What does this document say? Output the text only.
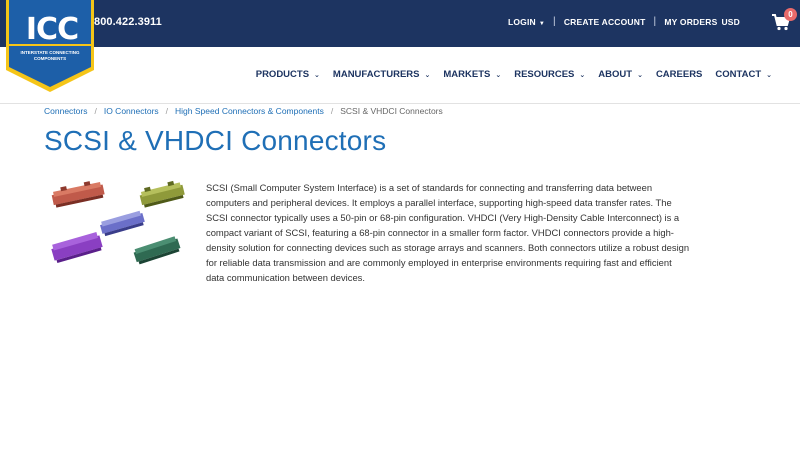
800.422.3911	LOGIN ▼ | CREATE ACCOUNT | MY ORDERS USD
0
PRODUCTS ⌄ MANUFACTURERS ⌄ MARKETS ⌄ RESOURCES ⌄ ABOUT ⌄ CAREERS CONTACT ⌄
ICC
INTERSTATE CONNECTING COMPONENTS
Connectors / IO Connectors / High Speed Connectors & Components / SCSI & VHDCI Connectors
SCSI & VHDCI Connectors

SCSI (Small Computer System Interface) is a set of standards for connecting and transferring data between computers and peripheral devices. It employs a parallel interface, supporting high-speed data transfer rates. The SCSI connector typically uses a 50-pin or 68-pin configuration. VHDCI (Very High-Density Cable Interconnect) is a compact variant of SCSI, featuring a 68-pin connector in a smaller form factor. VHDCI connectors provide a high-density solution for connecting devices such as storage arrays and scanners. Both connectors utilize a robust design for reliable data transmission and are commonly employed in enterprise environments requiring fast and efficient data communication between devices.
